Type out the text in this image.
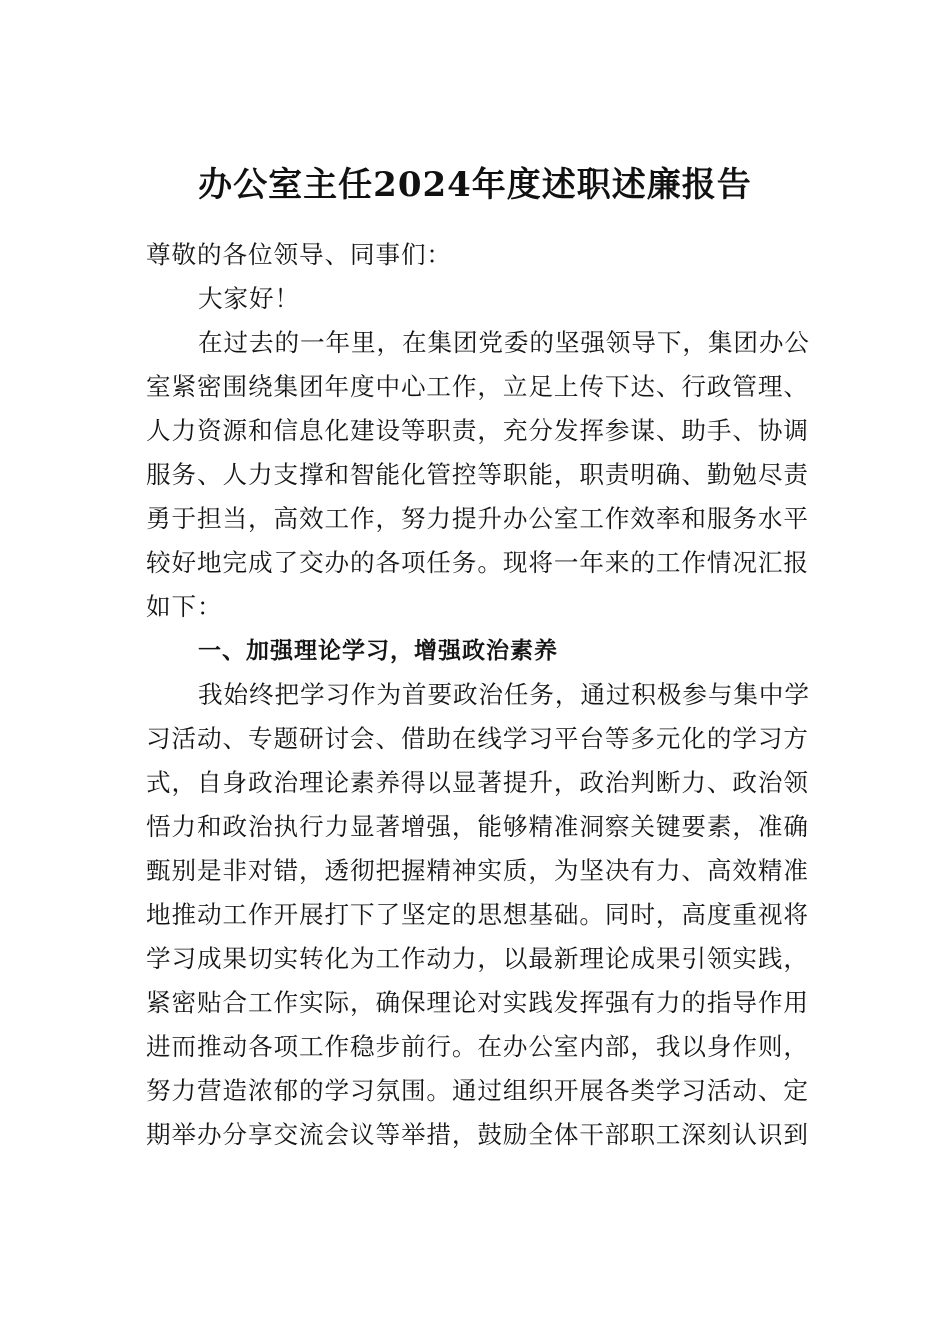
办公室主任2024年度述职述廉报告
尊敬的各位领导、同事们：
大家好！
在过去的一年里，在集团党委的坚强领导下，集团办公
室紧密围绕集团年度中心工作，立足上传下达、行政管理、
人力资源和信息化建设等职责，充分发挥参谋、助手、协调
服务、人力支撑和智能化管控等职能，职责明确、勤勉尽责
勇于担当，高效工作，努力提升办公室工作效率和服务水平
较好地完成了交办的各项任务。现将一年来的工作情况汇报
如下：
一、加强理论学习，增强政治素养
我始终把学习作为首要政治任务，通过积极参与集中学
习活动、专题研讨会、借助在线学习平台等多元化的学习方
式，自身政治理论素养得以显著提升，政治判断力、政治领
悟力和政治执行力显著增强，能够精准洞察关键要素，准确
甄别是非对错，透彻把握精神实质，为坚决有力、高效精准
地推动工作开展打下了坚定的思想基础。同时，高度重视将
学习成果切实转化为工作动力，以最新理论成果引领实践，
紧密贴合工作实际，确保理论对实践发挥强有力的指导作用
进而推动各项工作稳步前行。在办公室内部，我以身作则，
努力营造浓郁的学习氛围。通过组织开展各类学习活动、定
期举办分享交流会议等举措，鼓励全体干部职工深刻认识到
